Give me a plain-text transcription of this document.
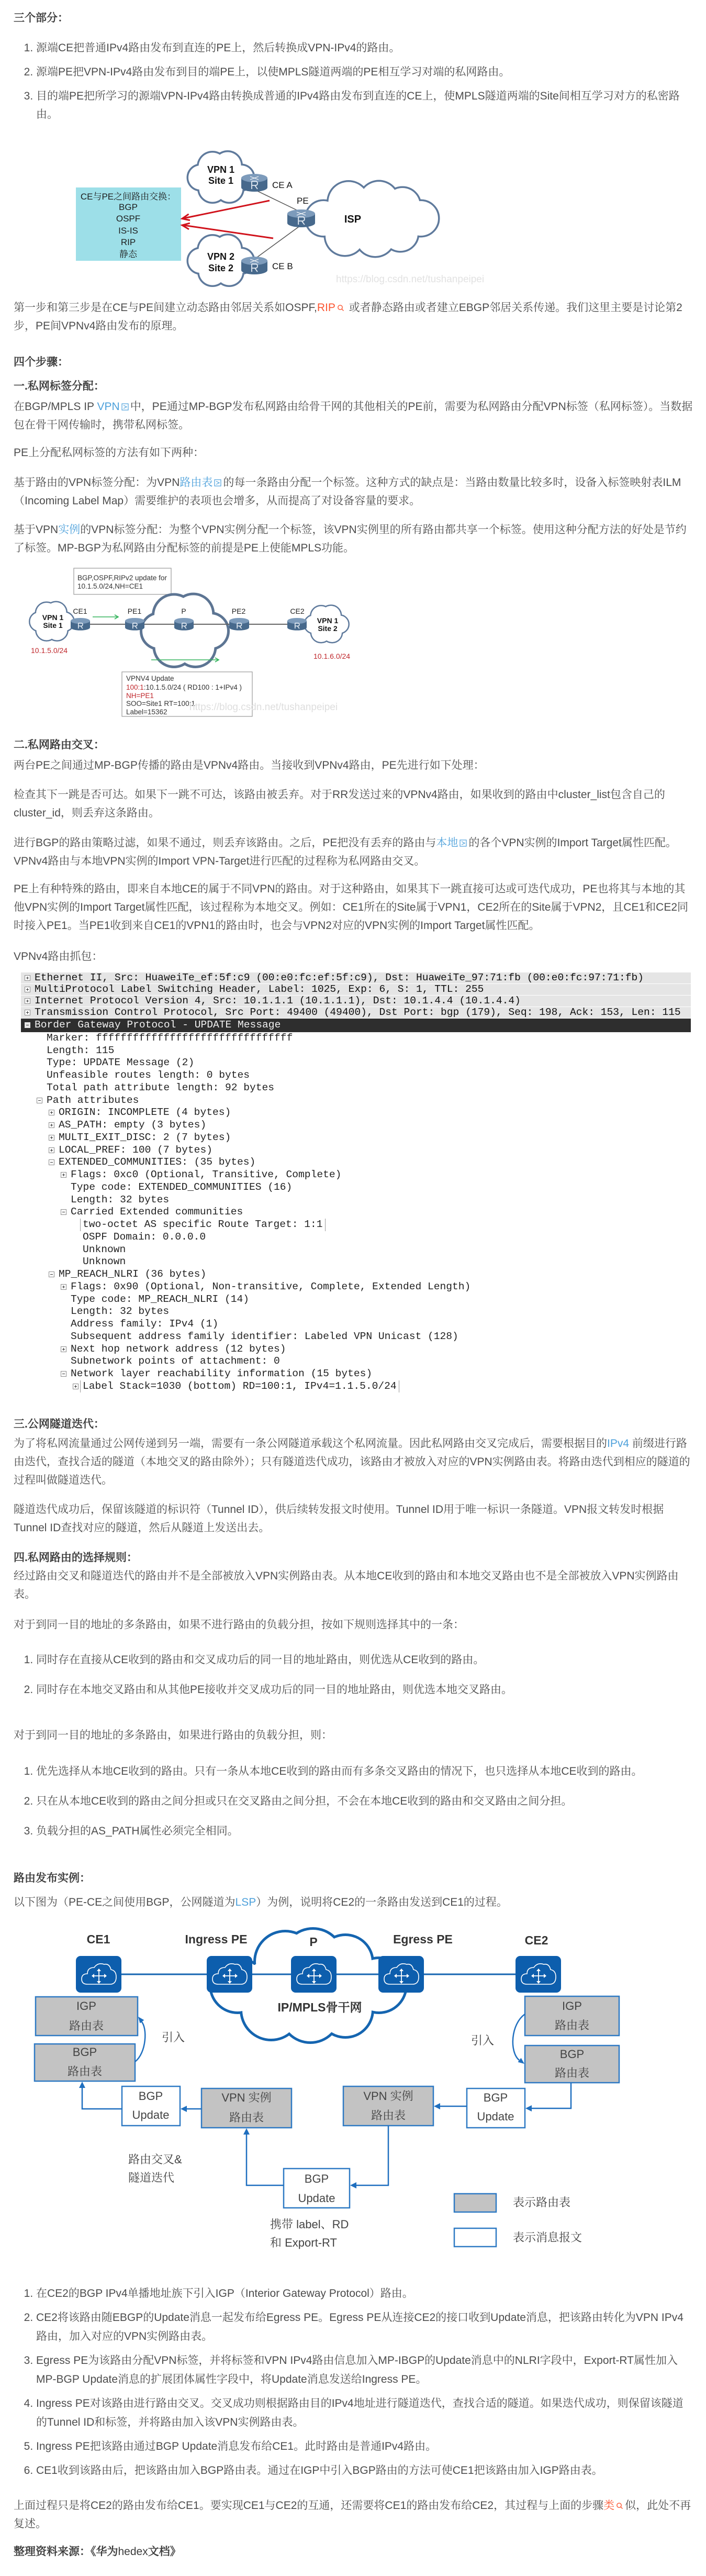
三个部分：

1. 源端CE把普通IPv4路由发布到直连的PE上，然后转换成VPN-IPv4的路由。
2. 源端PE把VPN-IPv4路由发布到目的端PE上，以使MPLS隧道两端的PE相互学习对端的私网路由。
3. 目的端PE把所学习的源端VPN-IPv4路由转换成普通的IPv4路由发布到直连的CE上，使MPLS隧道两端的Site间相互学习对方的私密路由。
CE与PE之间路由交换：
BGP
OSPF
IS-IS
RIP
静态
VPN 1
Site 1
VPN 2
Site 2
ISP
CE A
PE
CE B
https://blog.csdn.net/tushanpeipei

第一步和第三步是在CE与PE间建立动态路由邻居关系如OSPF,RIP 或者静态路由或者建立EBGP邻居关系传递。我们这里主要是讨论第2步，PE间VPNv4路由发布的原理。

四个步骤：

一.私网标签分配：

在BGP/MPLS IP VPN 中，PE通过MP-BGP发布私网路由给骨干网的其他相关的PE前，需要为私网路由分配VPN标签（私网标签）。当数据包在骨干网传输时，携带私网标签。

PE上分配私网标签的方法有如下两种：

基于路由的VPN标签分配：为VPN路由表 的每一条路由分配一个标签。这种方式的缺点是：当路由数量比较多时，设备入标签映射表ILM（Incoming Label Map）需要维护的表项也会增多，从而提高了对设备容量的要求。

基于VPN实例的VPN标签分配：为整个VPN实例分配一个标签，该VPN实例里的所有路由都共享一个标签。使用这种分配方法的好处是节约了标签。MP-BGP为私网路由分配标签的前提是PE上使能MPLS功能。

BGP,OSPF,RIPv2 update for
10.1.5.0/24,NH=CE1
VPN 1
Site 1
VPN 1
Site 2
CE1	PE1	P	PE2	CE2
10.1.5.0/24
10.1.6.0/24
VPNV4 Update
100:1:10.1.5.0/24 ( RD100 : 1+IPv4 )
NH=PE1
SOO=Site1 RT=100:1
Label=15362 https://blog.csdn.net/tushanpeipei

二.私网路由交叉：

两台PE之间通过MP-BGP传播的路由是VPNv4路由。当接收到VPNv4路由，PE先进行如下处理：

检查其下一跳是否可达。如果下一跳不可达，该路由被丢弃。对于RR发送过来的VPNv4路由，如果收到的路由中cluster_list包含自己的cluster_id，则丢弃这条路由。

进行BGP的路由策略过滤，如果不通过，则丢弃该路由。之后，PE把没有丢弃的路由与本地 的各个VPN实例的Import Target属性匹配。VPNv4路由与本地VPN实例的Import VPN-Target进行匹配的过程称为私网路由交叉。

PE上有种特殊的路由，即来自本地CE的属于不同VPN的路由。对于这种路由，如果其下一跳直接可达或可迭代成功，PE也将其与本地的其他VPN实例的Import Target属性匹配，该过程称为本地交叉。例如：CE1所在的Site属于VPN1，CE2所在的Site属于VPN2，且CE1和CE2同时接入PE1。当PE1收到来自CE1的VPN1的路由时，也会与VPN2对应的VPN实例的Import Target属性匹配。

VPNv4路由抓包：

Ethernet II, Src: HuaweiTe_ef:5f:c9 (00:e0:fc:ef:5f:c9), Dst: HuaweiTe_97:71:fb (00:e0:fc:97:71:fb)
MultiProtocol Label Switching Header, Label: 1025, Exp: 6, S: 1, TTL: 255
Internet Protocol Version 4, Src: 10.1.1.1 (10.1.1.1), Dst: 10.1.4.4 (10.1.4.4)
Transmission Control Protocol, Src Port: 49400 (49400), Dst Port: bgp (179), Seq: 198, Ack: 153, Len: 115
Border Gateway Protocol - UPDATE Message
Marker: ffffffffffffffffffffffffffffffff
Length: 115
Type: UPDATE Message (2)
Unfeasible routes length: 0 bytes
Total path attribute length: 92 bytes
Path attributes
ORIGIN: INCOMPLETE (4 bytes)
AS_PATH: empty (3 bytes)
MULTI_EXIT_DISC: 2 (7 bytes)
LOCAL_PREF: 100 (7 bytes)
EXTENDED_COMMUNITIES: (35 bytes)
Flags: 0xc0 (Optional, Transitive, Complete)
Type code: EXTENDED_COMMUNITIES (16)
Length: 32 bytes
Carried Extended communities
two-octet AS specific Route Target: 1:1
OSPF Domain: 0.0.0.0
Unknown
Unknown
MP_REACH_NLRI (36 bytes)
Flags: 0x90 (Optional, Non-transitive, Complete, Extended Length)
Type code: MP_REACH_NLRI (14)
Length: 32 bytes
Address family: IPv4 (1)
Subsequent address family identifier: Labeled VPN Unicast (128)
Next hop network address (12 bytes)
Subnetwork points of attachment: 0
Network layer reachability information (15 bytes)
Label Stack=1030 (bottom) RD=100:1, IPv4=1.1.5.0/24

三.公网隧道迭代：

为了将私网流量通过公网传递到另一端，需要有一条公网隧道承载这个私网流量。因此私网路由交叉完成后，需要根据目的IPv4 前缀进行路由迭代，查找合适的隧道（本地交叉的路由除外）；只有隧道迭代成功，该路由才被放入对应的VPN实例路由表。将路由迭代到相应的隧道的过程叫做隧道迭代。

隧道迭代成功后，保留该隧道的标识符（Tunnel ID），供后续转发报文时使用。Tunnel ID用于唯一标识一条隧道。VPN报文转发时根据Tunnel ID查找对应的隧道，然后从隧道上发送出去。

四.私网路由的选择规则：

经过路由交叉和隧道迭代的路由并不是全部被放入VPN实例路由表。从本地CE收到的路由和本地交叉路由也不是全部被放入VPN实例路由表。

对于到同一目的地址的多条路由，如果不进行路由的负载分担，按如下规则选择其中的一条：

1. 同时存在直接从CE收到的路由和交叉成功后的同一目的地址路由，则优选从CE收到的路由。
2. 同时存在本地交叉路由和从其他PE接收并交叉成功后的同一目的地址路由，则优选本地交叉路由。

对于到同一目的地址的多条路由，如果进行路由的负载分担，则：

1. 优先选择从本地CE收到的路由。只有一条从本地CE收到的路由而有多条交叉路由的情况下，也只选择从本地CE收到的路由。
2. 只在从本地CE收到的路由之间分担或只在交叉路由之间分担，不会在本地CE收到的路由和交叉路由之间分担。
3. 负载分担的AS_PATH属性必须完全相同。

路由发布实例：

以下图为（PE-CE之间使用BGP，公网隧道为LSP）为例，说明将CE2的一条路由发送到CE1的过程。

CE1	Ingress PE	P	Egress PE	CE2
IP/MPLS骨干网
IGP
路由表
BGP
路由表
BGP
Update
VPN 实例
路由表
VPN 实例
路由表
BGP
Update
IGP
路由表
BGP
路由表
BGP
Update
引入	引入
路由交叉&
隧道迭代
携带 label、RD
和 Export-RT
表示路由表
表示消息报文
1. 在CE2的BGP IPv4单播地址族下引入IGP（Interior Gateway Protocol）路由。
2. CE2将该路由随EBGP的Update消息一起发布给Egress PE。Egress PE从连接CE2的接口收到Update消息，把该路由转化为VPN IPv4路由，加入对应的VPN实例路由表。
3. Egress PE为该路由分配VPN标签，并将标签和VPN IPv4路由信息加入MP-IBGP的Update消息中的NLRI字段中，Export-RT属性加入MP-BGP Update消息的扩展团体属性字段中，将Update消息发送给Ingress PE。
4. Ingress PE对该路由进行路由交叉。交叉成功则根据路由目的IPv4地址进行隧道迭代，查找合适的隧道。如果迭代成功，则保留该隧道的Tunnel ID和标签，并将路由加入该VPN实例路由表。
5. Ingress PE把该路由通过BGP Update消息发布给CE1。此时路由是普通IPv4路由。
6. CE1收到该路由后，把该路由加入BGP路由表。通过在IGP中引入BGP路由的方法可使CE1把该路由加入IGP路由表。

上面过程只是将CE2的路由发布给CE1。要实现CE1与CE2的互通，还需要将CE1的路由发布给CE2，其过程与上面的步骤类 似，此处不再复述。

整理资料来源：《华为hedex文档》
